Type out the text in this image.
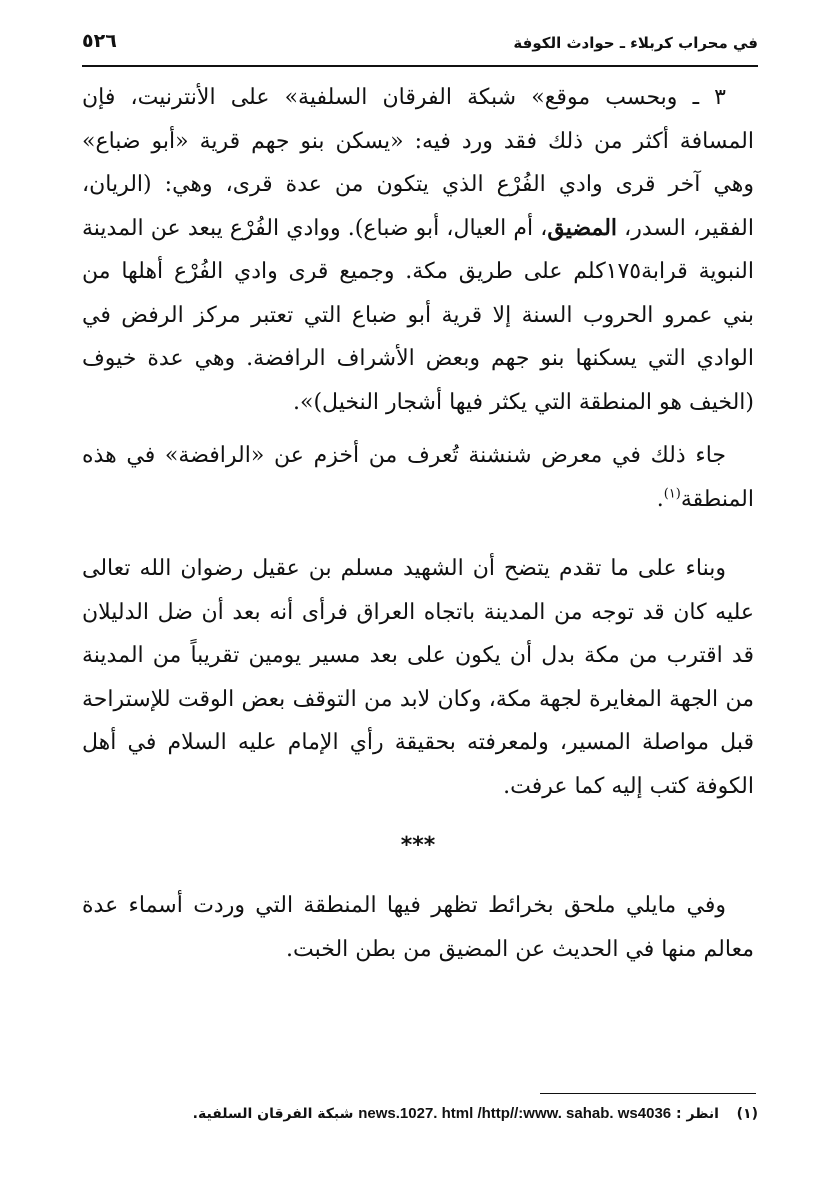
في محراب كربلاء ـ حوادث الكوفة
٥٢٦

٣ ـ وبحسب موقع» شبكة الفرقان السلفية» على الأنترنيت، فإن المسافة أكثر من ذلك فقد ورد فيه: «يسكن بنو جهم قرية «أبو ضباع» وهي آخر قرى وادي الفُرْع الذي يتكون من عدة قرى، وهي: (الريان، الفقير، السدر، المضيق، أم العيال، أبو ضباع). ووادي الفُرْع يبعد عن المدينة النبوية قرابة١٧٥كلم على طريق مكة. وجميع قرى وادي الفُرْع أهلها من بني عمرو الحروب السنة إلا قرية أبو ضباع التي تعتبر مركز الرفض في الوادي التي يسكنها بنو جهم وبعض الأشراف الرافضة. وهي عدة خيوف (الخيف هو المنطقة التي يكثر فيها أشجار النخيل)».

جاء ذلك في معرض شنشنة تُعرف من أخزم عن «الرافضة» في هذه المنطقة$^{(١)}$.

وبناء على ما تقدم يتضح أن الشهيد مسلم بن عقيل رضوان الله تعالى عليه كان قد توجه من المدينة باتجاه العراق فرأى أنه بعد أن ضل الدليلان قد اقترب من مكة بدل أن يكون على بعد مسير يومين تقريباً من المدينة من الجهة المغايرة لجهة مكة، وكان لابد من التوقف بعض الوقت للإستراحة قبل مواصلة المسير، ولمعرفته بحقيقة رأي الإمام عليه السلام في أهل الكوفة كتب إليه كما عرفت.

***

وفي مايلي ملحق بخرائط تظهر فيها المنطقة التي وردت أسماء عدة معالم منها في الحديث عن المضيق من بطن الخبت.

(١)  انظر : news.1027. html /http//:www. sahab. ws4036 شبكة الفرقان السلفية.
